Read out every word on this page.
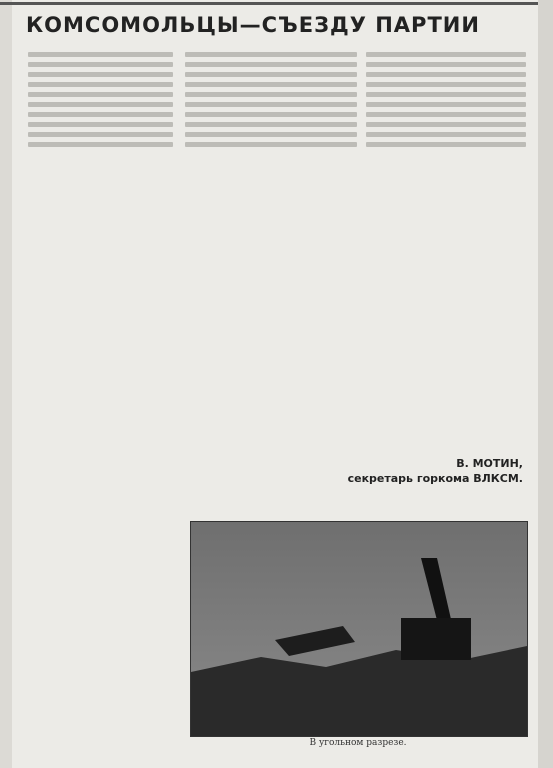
КОМСОМОЛЬЦЫ—СЪЕЗДУ ПАРТИИ
В. МОТИН,
секретарь горкома ВЛКСМ.
В угольном разрезе.
